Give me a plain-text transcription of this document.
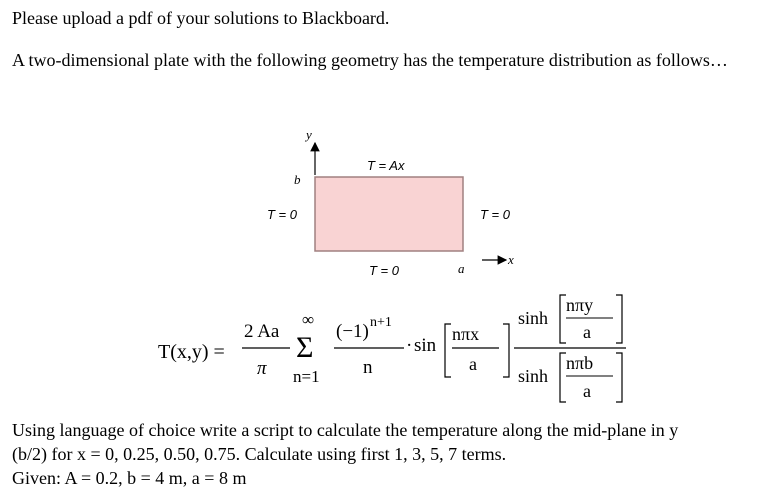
Please upload a pdf of your solutions to Blackboard.

A two-dimensional plate with the following geometry has the temperature distribution as follows…

y
x
b
a
T = Ax
T = 0	T = 0
T = 0
T(x,y) =
2 Aa
π
∞
Σ
n=1
(−1) n+1
n
· sin
nπx
a
sinh
nπy
a
sinh
nπb
a

Using language of choice write a script to calculate the temperature along the mid-plane in y
(b/2) for x = 0, 0.25, 0.50, 0.75. Calculate using first 1, 3, 5, 7 terms.
Given: A = 0.2, b = 4 m, a = 8 m
